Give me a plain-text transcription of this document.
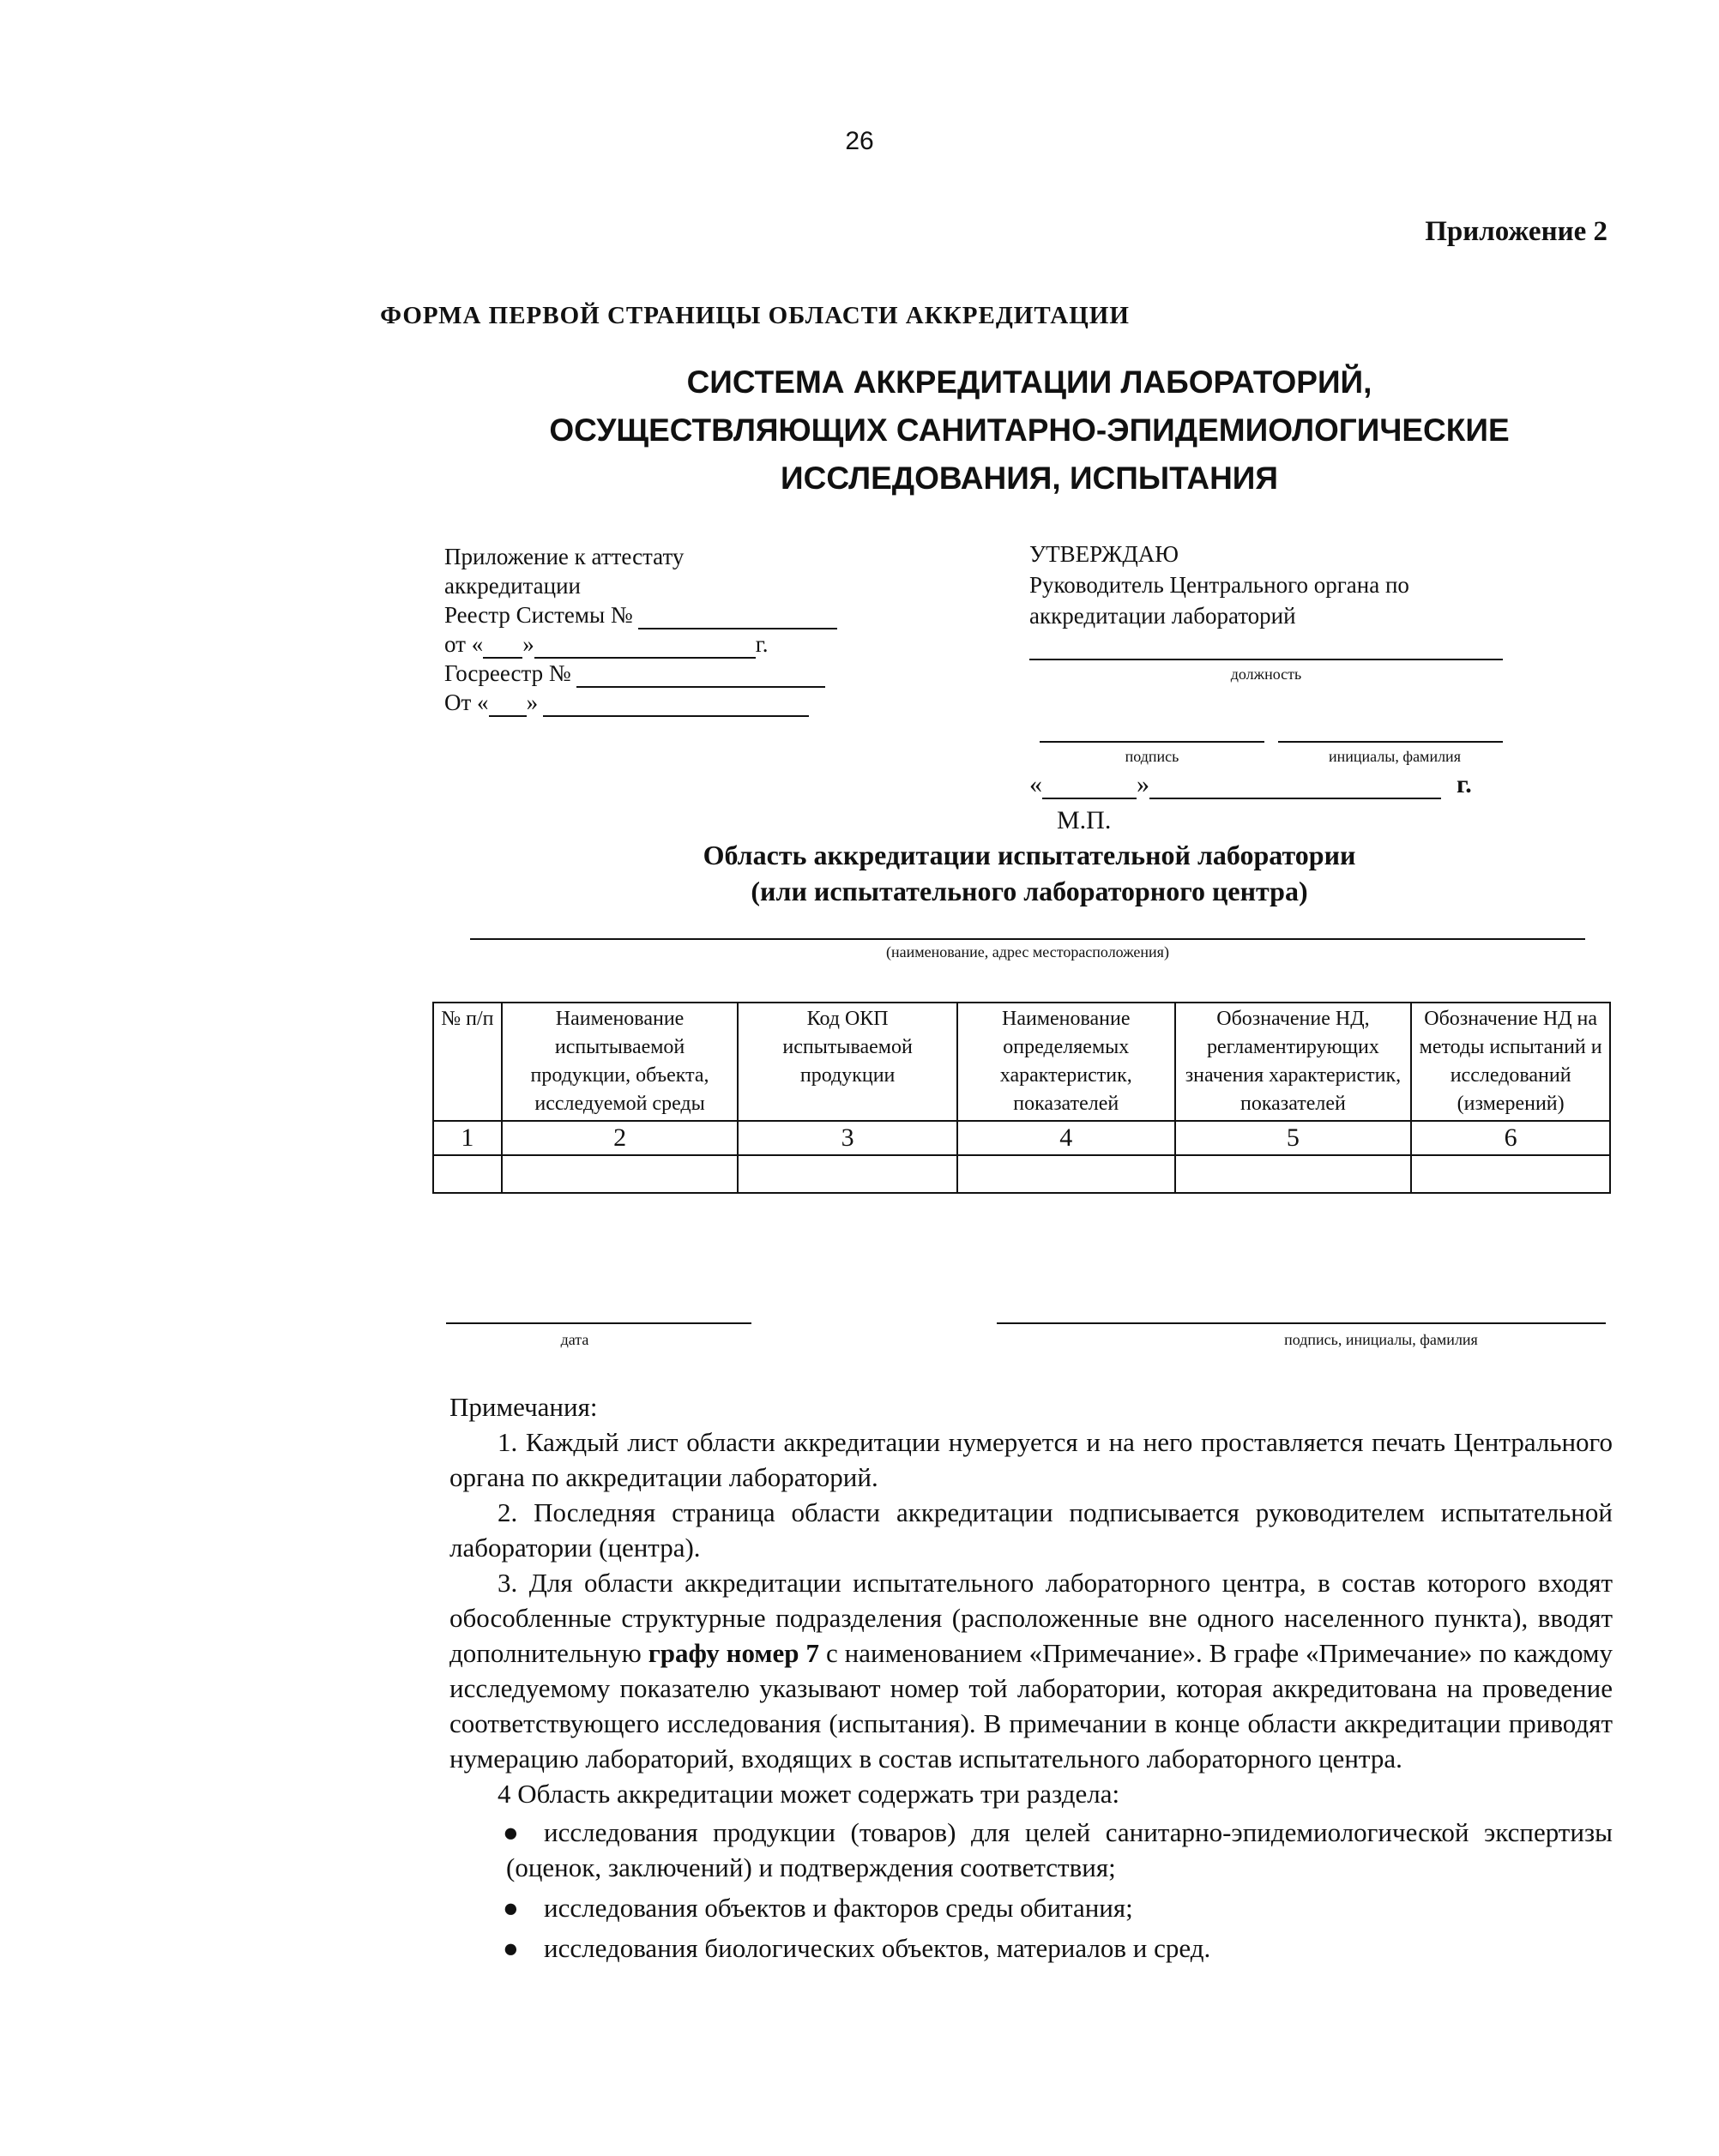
26
Приложение 2
ФОРМА ПЕРВОЙ СТРАНИЦЫ ОБЛАСТИ АККРЕДИТАЦИИ
СИСТЕМА АККРЕДИТАЦИИ ЛАБОРАТОРИЙ,
ОСУЩЕСТВЛЯЮЩИХ САНИТАРНО-ЭПИДЕМИОЛОГИЧЕСКИЕ
ИССЛЕДОВАНИЯ, ИСПЫТАНИЯ
Приложение к аттестату
аккредитации
Реестр Системы №
от « »	г.
Госреестр №
От « »
УТВЕРЖДАЮ
Руководитель Центрального органа по
аккредитации лабораторий
должность
подпись	инициалы, фамилия
«	»	г.
М.П.
Область аккредитации испытательной лаборатории
(или испытательного лабораторного центра)
(наименование, адрес месторасположения)
№ п/п	Наименование испытываемой продукции, объекта, исследуемой среды	Код ОКП испытываемой продукции	Наименование определяемых характеристик, показателей	Обозначение НД, регламентирующих значения характеристик, показателей	Обозначение НД на методы испытаний и исследований (измерений)
1	2	3	4	5	6

дата	подпись, инициалы, фамилия

Примечания:

1. Каждый лист области аккредитации нумеруется и на него проставляется печать Центрального органа по аккредитации лабораторий.

2. Последняя страница области аккредитации подписывается руководителем испытательной лаборатории (центра).

3. Для области аккредитации испытательного лабораторного центра, в состав которого входят обособленные структурные подразделения (расположенные вне одного населенного пункта), вводят дополнительную графу номер 7 с наименованием «Примечание». В графе «Примечание» по каждому исследуемому показателю указывают номер той лаборатории, которая аккредитована на проведение соответствующего исследования (испытания). В примечании в конце области аккредитации приводят нумерацию лабораторий, входящих в состав испытательного лабораторного центра.

4 Область аккредитации может содержать три раздела:

● исследования продукции (товаров) для целей санитарно-эпидемиологической экспертизы (оценок, заключений) и подтверждения соответствия;
● исследования объектов и факторов среды обитания;
● исследования биологических объектов, материалов и сред.
